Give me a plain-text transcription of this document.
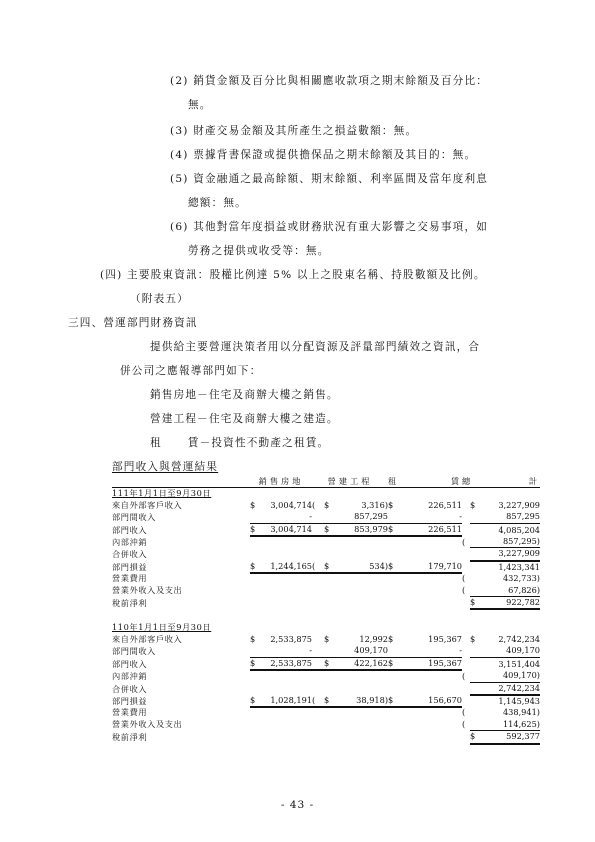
(2) 銷貨金額及百分比與相關應收款項之期末餘額及百分比：
無。
(3) 財產交易金額及其所產生之損益數額：無。
(4) 票據背書保證或提供擔保品之期末餘額及其目的：無。
(5) 資金融通之最高餘額、期末餘額、利率區間及當年度利息
總額：無。
(6) 其他對當年度損益或財務狀況有重大影響之交易事項，如
勞務之提供或收受等：無。
(四) 主要股東資訊：股權比例達 5% 以上之股東名稱、持股數額及比例。
（附表五）
三四、營運部門財務資訊
提供給主要營運決策者用以分配資源及評量部門績效之資訊，合
併公司之應報導部門如下：
銷售房地－住宅及商辦大樓之銷售。
營建工程－住宅及商辦大樓之建造。
租 賃－投資性不動產之租賃。
部門收入與營運結果
	銷售房地		營建工程			租 賃		總 計		

111年1月1日至9月30日										
來自外部客戶收入	$	3,004,714	(	$	3,316)	$	226,511		$	3,227,909
部門間收入		-			857,295		-			857,295
部門收入	$	3,004,714		$	853,979	$	226,511			4,085,204
內部沖銷								(		857,295)
合併收入										3,227,909
部門損益	$	1,244,165	(	$	534)	$	179,710			1,423,341
營業費用								(		432,733)
營業外收入及支出								(		67,826)
稅前淨利									$	922,782

110年1月1日至9月30日										
來自外部客戶收入	$	2,533,875		$	12,992	$	195,367		$	2,742,234
部門間收入		-			409,170		-			409,170
部門收入	$	2,533,875		$	422,162	$	195,367			3,151,404
內部沖銷								(		409,170)
合併收入										2,742,234
部門損益	$	1,028,191	(	$	38,918)	$	156,670			1,145,943
營業費用								(		438,941)
營業外收入及支出								(		114,625)
稅前淨利									$	592,377
- 43 -
